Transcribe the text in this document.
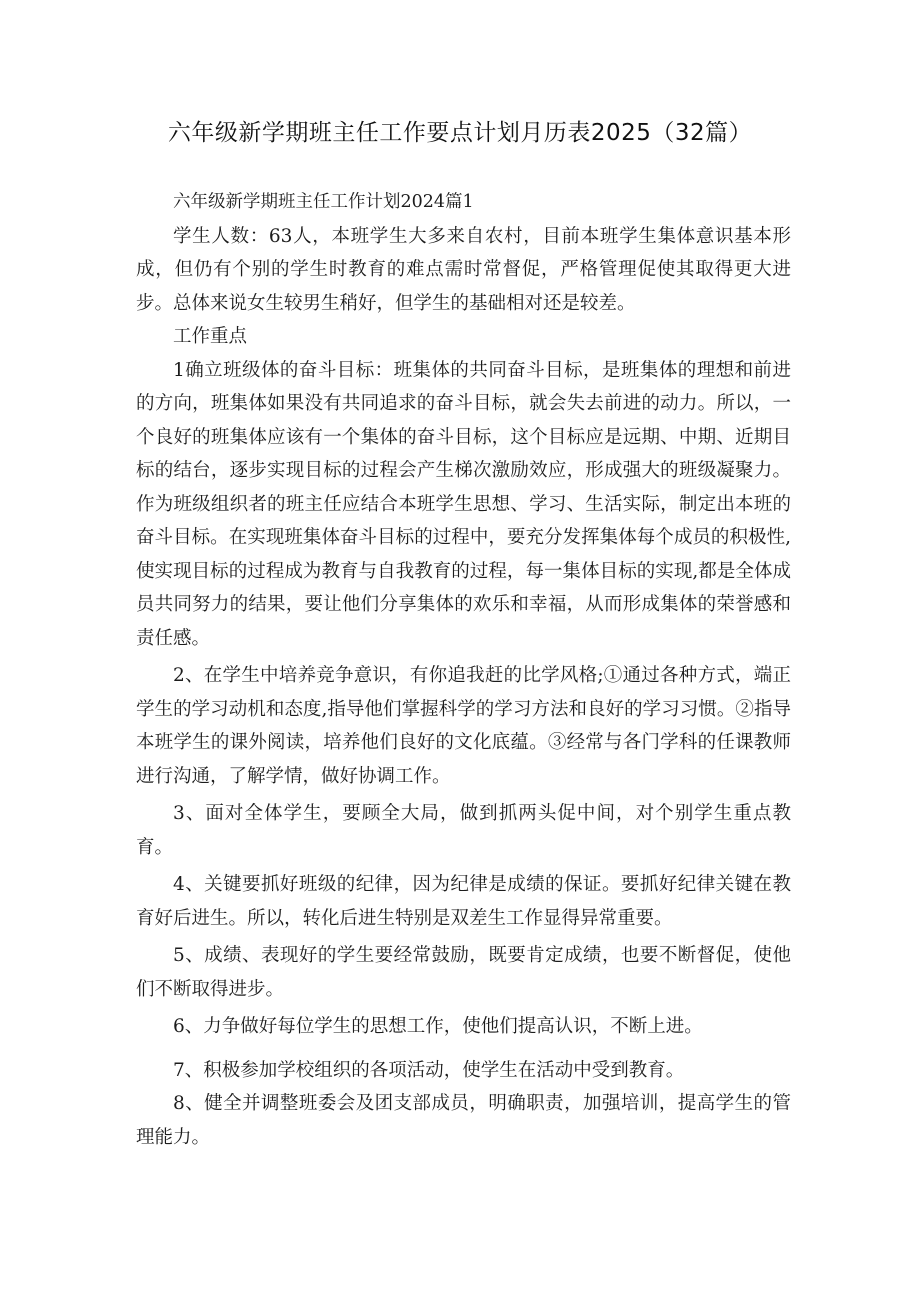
六年级新学期班主任工作要点计划月历表2025（32篇）

六年级新学期班主任工作计划2024篇1

学生人数：63人，本班学生大多来自农村，目前本班学生集体意识基本形成，但仍有个别的学生时教育的难点需时常督促，严格管理促使其取得更大进步。总体来说女生较男生稍好，但学生的基础相对还是较差。

工作重点

1确立班级体的奋斗目标：班集体的共同奋斗目标，是班集体的理想和前进的方向，班集体如果没有共同追求的奋斗目标，就会失去前进的动力。所以，一个良好的班集体应该有一个集体的奋斗目标，这个目标应是远期、中期、近期目标的结台，逐步实现目标的过程会产生梯次激励效应，形成强大的班级凝聚力。作为班级组织者的班主任应结合本班学生思想、学习、生活实际，制定出本班的奋斗目标。在实现班集体奋斗目标的过程中，要充分发挥集体每个成员的积极性,使实现目标的过程成为教育与自我教育的过程，每一集体目标的实现,都是全体成员共同努力的结果，要让他们分享集体的欢乐和幸福，从而形成集体的荣誉感和责任感。

2、在学生中培养竞争意识，有你追我赶的比学风格;①通过各种方式，端正学生的学习动机和态度,指导他们掌握科学的学习方法和良好的学习习惯。②指导本班学生的课外阅读，培养他们良好的文化底蕴。③经常与各门学科的任课教师进行沟通，了解学情，做好协调工作。

3、面对全体学生，要顾全大局，做到抓两头促中间，对个别学生重点教育。

4、关键要抓好班级的纪律，因为纪律是成绩的保证。要抓好纪律关键在教育好后进生。所以，转化后进生特别是双差生工作显得异常重要。

5、成绩、表现好的学生要经常鼓励，既要肯定成绩，也要不断督促，使他们不断取得进步。

6、力争做好每位学生的思想工作，使他们提高认识，不断上进。

7、积极参加学校组织的各项活动，使学生在活动中受到教育。

8、健全并调整班委会及团支部成员，明确职责，加强培训，提高学生的管理能力。
